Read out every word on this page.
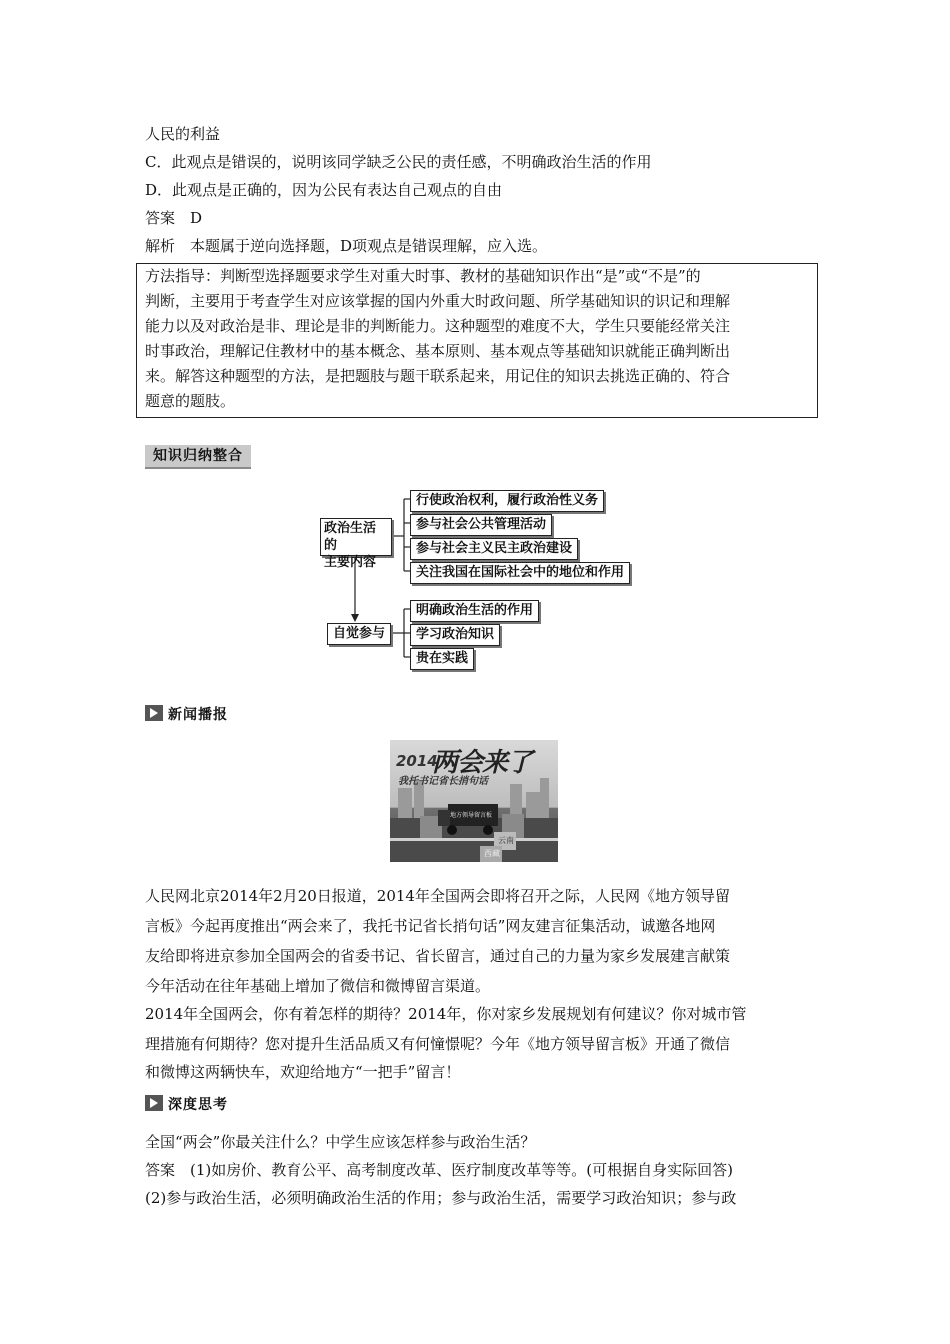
人民的利益
C．此观点是错误的，说明该同学缺乏公民的责任感，不明确政治生活的作用
D．此观点是正确的，因为公民有表达自己观点的自由
答案　D
解析　本题属于逆向选择题，D项观点是错误理解，应入选。
方法指导：判断型选择题要求学生对重大时事、教材的基础知识作出“是”或“不是”的
判断，主要用于考查学生对应该掌握的国内外重大时政问题、所学基础知识的识记和理解
能力以及对政治是非、理论是非的判断能力。这种题型的难度不大，学生只要能经常关注
时事政治，理解记住教材中的基本概念、基本原则、基本观点等基础知识就能正确判断出
来。解答这种题型的方法，是把题肢与题干联系起来，用记住的知识去挑选正确的、符合
题意的题肢。
知识归纳整合
政治生活的
主要内容
行使政治权利，履行政治性义务
参与社会公共管理活动
参与社会主义民主政治建设
关注我国在国际社会中的地位和作用
自觉参与
明确政治生活的作用
学习政治知识
贵在实践
新闻播报
2014
两会来了
我托书记省长捎句话
地方领导留言板
云南
西藏
人民网北京2014年2月20日报道，2014年全国两会即将召开之际，人民网《地方领导留
言板》今起再度推出“两会来了，我托书记省长捎句话”网友建言征集活动，诚邀各地网
友给即将进京参加全国两会的省委书记、省长留言，通过自己的力量为家乡发展建言献策
今年活动在往年基础上增加了微信和微博留言渠道。
2014年全国两会，你有着怎样的期待？2014年，你对家乡发展规划有何建议？你对城市管
理措施有何期待？您对提升生活品质又有何憧憬呢？今年《地方领导留言板》开通了微信
和微博这两辆快车，欢迎给地方“一把手”留言！
深度思考
全国“两会”你最关注什么？中学生应该怎样参与政治生活？
答案　(1)如房价、教育公平、高考制度改革、医疗制度改革等等。(可根据自身实际回答)
(2)参与政治生活，必须明确政治生活的作用；参与政治生活，需要学习政治知识；参与政
